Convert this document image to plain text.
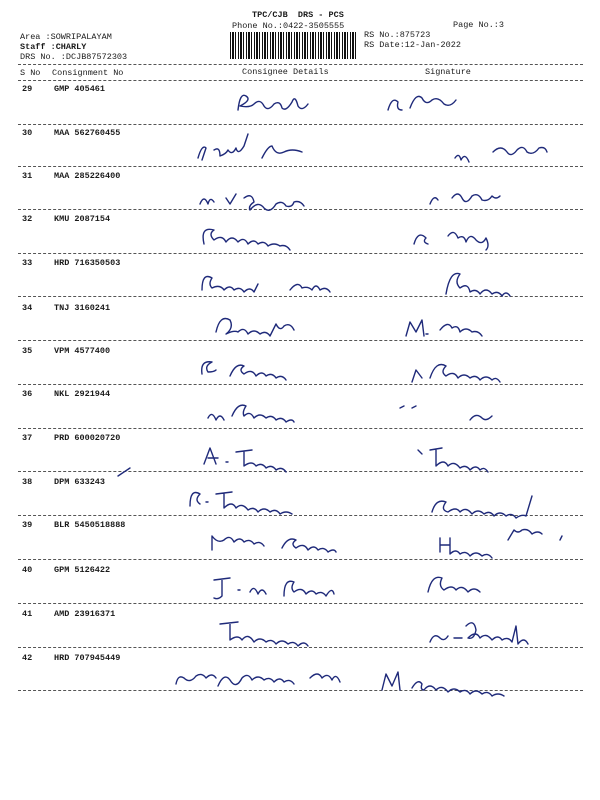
TPC/CJB  DRS - PCS
Phone No.:0422-3505555	Page No.:3
Area :SOWRIPALAYAM
Staff :CHARLY
DRS No. :DCJB87572303
RS No.:875723
RS Date:12-Jan-2022
S No Consignment No	Consignee Details	Signature
29	GMP 405461
30	MAA 562760455
31	MAA 285226400
32	KMU 2087154
33	HRD 716350503
34	TNJ 3160241
35	VPM 4577400
36	NKL 2921944
37	PRD 600020720
38	DPM 633243
39	BLR 5450518888
40	GPM 5126422
41	AMD 23916371
42	HRD 707945449
